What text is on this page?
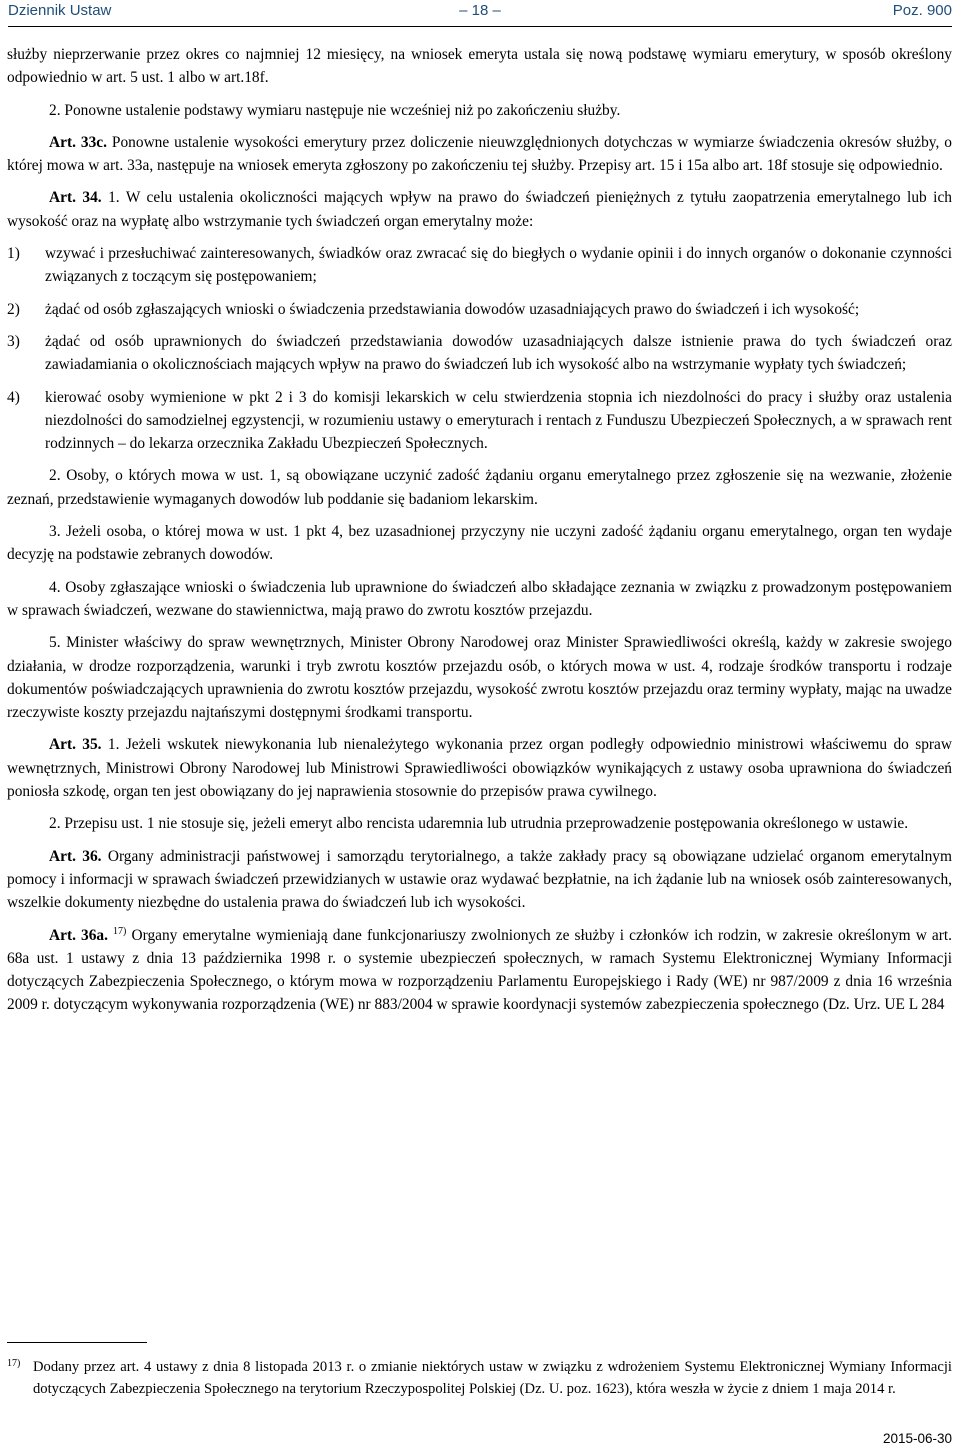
Dziennik Ustaw	– 18 –	Poz. 900

służby nieprzerwanie przez okres co najmniej 12 miesięcy, na wniosek emeryta ustala się nową podstawę wymiaru emerytury, w sposób określony odpowiednio w art. 5 ust. 1 albo w art.18f.

2. Ponowne ustalenie podstawy wymiaru następuje nie wcześniej niż po zakończeniu służby.

Art. 33c. Ponowne ustalenie wysokości emerytury przez doliczenie nieuwzględnionych dotychczas w wymiarze świadczenia okresów służby, o której mowa w art. 33a, następuje na wniosek emeryta zgłoszony po zakończeniu tej służby. Przepisy art. 15 i 15a albo art. 18f stosuje się odpowiednio.

Art. 34. 1. W celu ustalenia okoliczności mających wpływ na prawo do świadczeń pieniężnych z tytułu zaopatrzenia emerytalnego lub ich wysokość oraz na wypłatę albo wstrzymanie tych świadczeń organ emerytalny może:

1) wzywać i przesłuchiwać zainteresowanych, świadków oraz zwracać się do biegłych o wydanie opinii i do innych organów o dokonanie czynności związanych z toczącym się postępowaniem;
2) żądać od osób zgłaszających wnioski o świadczenia przedstawiania dowodów uzasadniających prawo do świadczeń i ich wysokość;
3) żądać od osób uprawnionych do świadczeń przedstawiania dowodów uzasadniających dalsze istnienie prawa do tych świadczeń oraz zawiadamiania o okolicznościach mających wpływ na prawo do świadczeń lub ich wysokość albo na wstrzymanie wypłaty tych świadczeń;
4) kierować osoby wymienione w pkt 2 i 3 do komisji lekarskich w celu stwierdzenia stopnia ich niezdolności do pracy i służby oraz ustalenia niezdolności do samodzielnej egzystencji, w rozumieniu ustawy o emeryturach i rentach z Funduszu Ubezpieczeń Społecznych, a w sprawach rent rodzinnych – do lekarza orzecznika Zakładu Ubezpieczeń Społecznych.

2. Osoby, o których mowa w ust. 1, są obowiązane uczynić zadość żądaniu organu emerytalnego przez zgłoszenie się na wezwanie, złożenie zeznań, przedstawienie wymaganych dowodów lub poddanie się badaniom lekarskim.

3. Jeżeli osoba, o której mowa w ust. 1 pkt 4, bez uzasadnionej przyczyny nie uczyni zadość żądaniu organu emerytalnego, organ ten wydaje decyzję na podstawie zebranych dowodów.

4. Osoby zgłaszające wnioski o świadczenia lub uprawnione do świadczeń albo składające zeznania w związku z prowadzonym postępowaniem w sprawach świadczeń, wezwane do stawiennictwa, mają prawo do zwrotu kosztów przejazdu.

5. Minister właściwy do spraw wewnętrznych, Minister Obrony Narodowej oraz Minister Sprawiedliwości określą, każdy w zakresie swojego działania, w drodze rozporządzenia, warunki i tryb zwrotu kosztów przejazdu osób, o których mowa w ust. 4, rodzaje środków transportu i rodzaje dokumentów poświadczających uprawnienia do zwrotu kosztów przejazdu, wysokość zwrotu kosztów przejazdu oraz terminy wypłaty, mając na uwadze rzeczywiste koszty przejazdu najtańszymi dostępnymi środkami transportu.

Art. 35. 1. Jeżeli wskutek niewykonania lub nienależytego wykonania przez organ podległy odpowiednio ministrowi właściwemu do spraw wewnętrznych, Ministrowi Obrony Narodowej lub Ministrowi Sprawiedliwości obowiązków wynikających z ustawy osoba uprawniona do świadczeń poniosła szkodę, organ ten jest obowiązany do jej naprawienia stosownie do przepisów prawa cywilnego.

2. Przepisu ust. 1 nie stosuje się, jeżeli emeryt albo rencista udaremnia lub utrudnia przeprowadzenie postępowania określonego w ustawie.

Art. 36. Organy administracji państwowej i samorządu terytorialnego, a także zakłady pracy są obowiązane udzielać organom emerytalnym pomocy i informacji w sprawach świadczeń przewidzianych w ustawie oraz wydawać bezpłatnie, na ich żądanie lub na wniosek osób zainteresowanych, wszelkie dokumenty niezbędne do ustalenia prawa do świadczeń lub ich wysokości.

Art. 36a. $^{17)}$ Organy emerytalne wymieniają dane funkcjonariuszy zwolnionych ze służby i członków ich rodzin, w zakresie określonym w art. 68a ust. 1 ustawy z dnia 13 października 1998 r. o systemie ubezpieczeń społecznych, w ramach Systemu Elektronicznej Wymiany Informacji dotyczących Zabezpieczenia Społecznego, o którym mowa w rozporządzeniu Parlamentu Europejskiego i Rady (WE) nr 987/2009 z dnia 16 września 2009 r. dotyczącym wykonywania rozporządzenia (WE) nr 883/2004 w sprawie koordynacji systemów zabezpieczenia społecznego (Dz. Urz. UE L 284

17) Dodany przez art. 4 ustawy z dnia 8 listopada 2013 r. o zmianie niektórych ustaw w związku z wdrożeniem Systemu Elektronicznej Wymiany Informacji dotyczących Zabezpieczenia Społecznego na terytorium Rzeczypospolitej Polskiej (Dz. U. poz. 1623), która weszła w życie z dniem 1 maja 2014 r.

2015-06-30
